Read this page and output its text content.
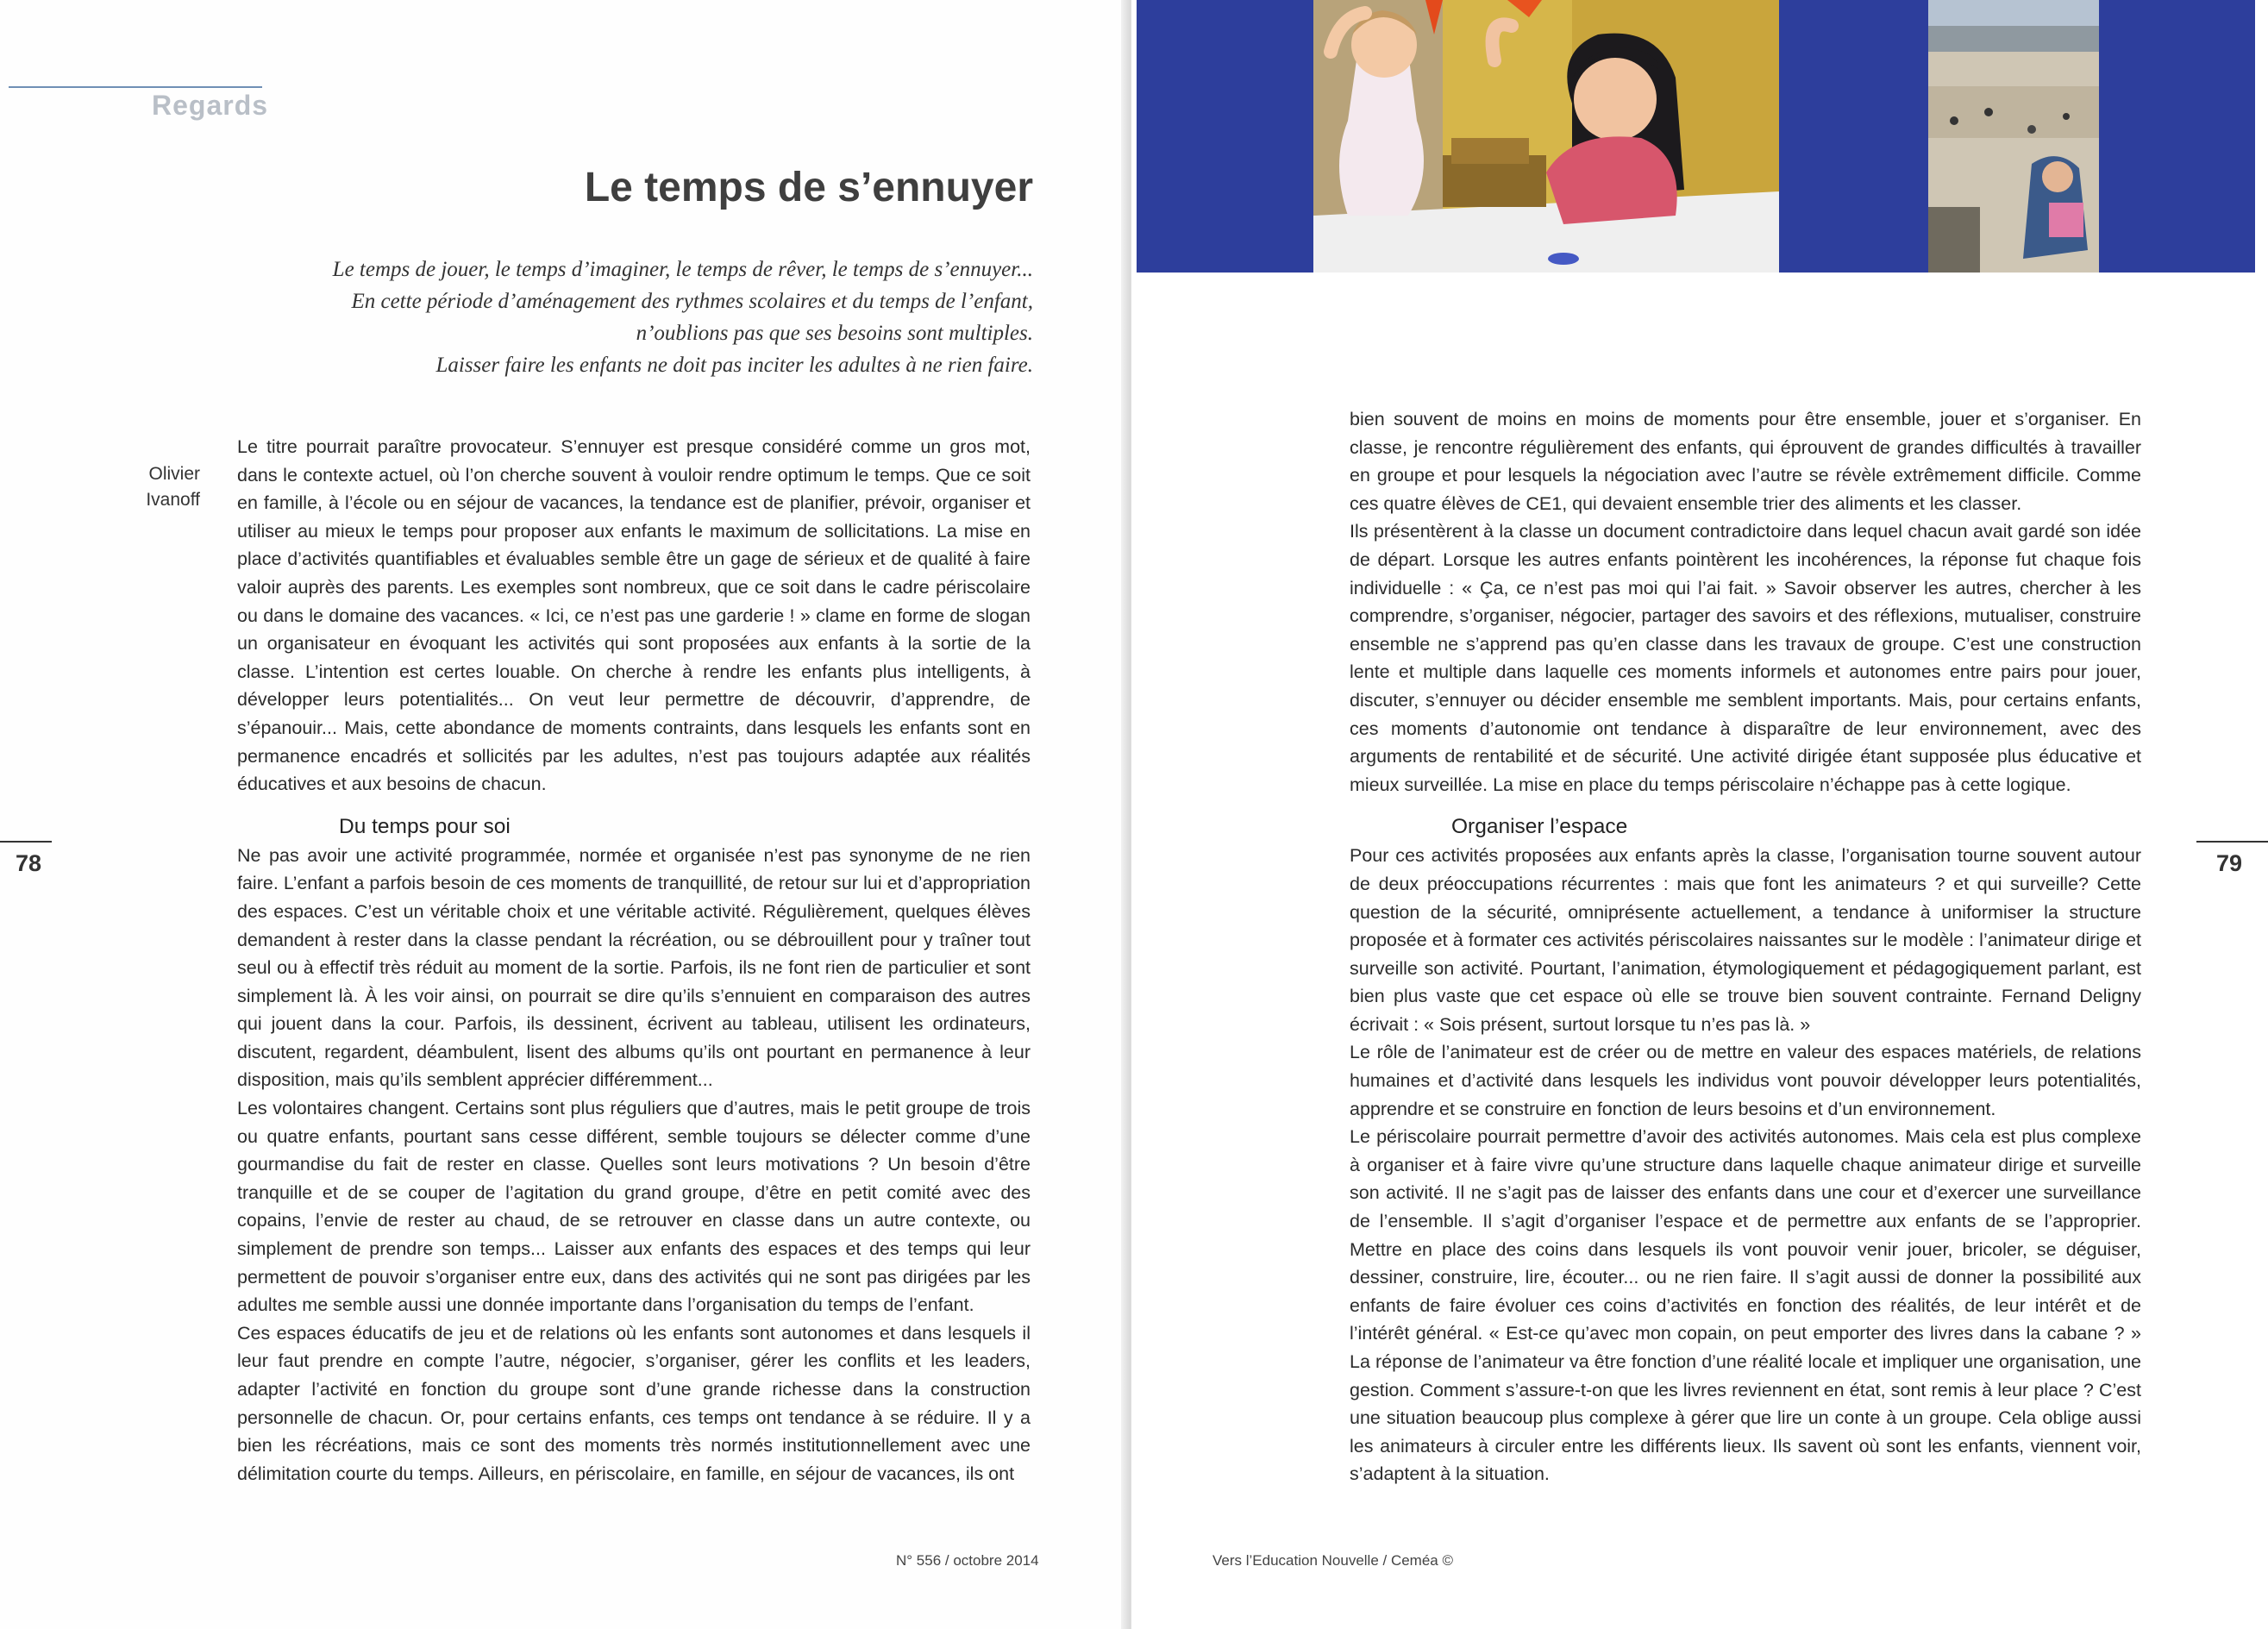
Regards
Le temps de s’ennuyer
Le temps de jouer, le temps d’imaginer, le temps de rêver, le temps de s’ennuyer...
En cette période d’aménagement des rythmes scolaires et du temps de l’enfant,
n’oublions pas que ses besoins sont multiples.
Laisser faire les enfants ne doit pas inciter les adultes à ne rien faire.
Olivier
Ivanoff

Le titre pourrait paraître provocateur. S’ennuyer est presque considéré comme un gros mot, dans le contexte actuel, où l’on cherche souvent à vouloir rendre optimum le temps. Que ce soit en famille, à l’école ou en séjour de vacances, la tendance est de planifier, prévoir, organiser et utiliser au mieux le temps pour proposer aux enfants le maximum de sollicitations. La mise en place d’activités quantifiables et évaluables semble être un gage de sérieux et de qualité à faire valoir auprès des parents. Les exemples sont nombreux, que ce soit dans le cadre périscolaire ou dans le domaine des vacances. « Ici, ce n’est pas une garderie ! » clame en forme de slogan un organisateur en évoquant les activités qui sont proposées aux enfants à la sortie de la classe. L’intention est certes louable. On cherche à rendre les enfants plus intelligents, à développer leurs potentialités... On veut leur permettre de découvrir, d’apprendre, de s’épanouir... Mais, cette abondance de moments contraints, dans lesquels les enfants sont en permanence encadrés et sollicités par les adultes, n’est pas toujours adaptée aux réalités éducatives et aux besoins de chacun.

Du temps pour soi

Ne pas avoir une activité programmée, normée et organisée n’est pas synonyme de ne rien faire. L’enfant a parfois besoin de ces moments de tranquillité, de retour sur lui et d’appropriation des espaces. C’est un véritable choix et une véritable activité. Régulièrement, quelques élèves demandent à rester dans la classe pendant la récréation, ou se débrouillent pour y traîner tout seul ou à effectif très réduit au moment de la sortie. Parfois, ils ne font rien de particulier et sont simplement là. À les voir ainsi, on pourrait se dire qu’ils s’ennuient en comparaison des autres qui jouent dans la cour. Parfois, ils dessinent, écrivent au tableau, utilisent les ordinateurs, discutent, regardent, déambulent, lisent des albums qu’ils ont pourtant en permanence à leur disposition, mais qu’ils semblent apprécier différemment...

Les volontaires changent. Certains sont plus réguliers que d’autres, mais le petit groupe de trois ou quatre enfants, pourtant sans cesse différent, semble toujours se délecter comme d’une gourmandise du fait de rester en classe. Quelles sont leurs motivations ? Un besoin d’être tranquille et de se couper de l’agitation du grand groupe, d’être en petit comité avec des copains, l’envie de rester au chaud, de se retrouver en classe dans un autre contexte, ou simplement de prendre son temps... Laisser aux enfants des espaces et des temps qui leur permettent de pouvoir s’organiser entre eux, dans des activités qui ne sont pas dirigées par les adultes me semble aussi une donnée importante dans l’organisation du temps de l’enfant.

Ces espaces éducatifs de jeu et de relations où les enfants sont autonomes et dans lesquels il leur faut prendre en compte l’autre, négocier, s’organiser, gérer les conflits et les leaders, adapter l’activité en fonction du groupe sont d’une grande richesse dans la construction personnelle de chacun. Or, pour certains enfants, ces temps ont tendance à se réduire. Il y a bien les récréations, mais ce sont des moments très normés institutionnellement avec une délimitation courte du temps. Ailleurs, en périscolaire, en famille, en séjour de vacances, ils ont

78
N° 556 / octobre 2014

bien souvent de moins en moins de moments pour être ensemble, jouer et s’organiser. En classe, je rencontre régulièrement des enfants, qui éprouvent de grandes difficultés à travailler en groupe et pour lesquels la négociation avec l’autre se révèle extrêmement difficile. Comme ces quatre élèves de CE1, qui devaient ensemble trier des aliments et les classer.

Ils présentèrent à la classe un document contradictoire dans lequel chacun avait gardé son idée de départ. Lorsque les autres enfants pointèrent les incohérences, la réponse fut chaque fois individuelle : « Ça, ce n’est pas moi qui l’ai fait. » Savoir observer les autres, chercher à les comprendre, s’organiser, négocier, partager des savoirs et des réflexions, mutualiser, construire ensemble ne s’apprend pas qu’en classe dans les travaux de groupe. C’est une construction lente et multiple dans laquelle ces moments informels et autonomes entre pairs pour jouer, discuter, s’ennuyer ou décider ensemble me semblent importants. Mais, pour certains enfants, ces moments d’autonomie ont tendance à disparaître de leur environnement, avec des arguments de rentabilité et de sécurité. Une activité dirigée étant supposée plus éducative et mieux surveillée. La mise en place du temps périscolaire n’échappe pas à cette logique.

Organiser l’espace

Pour ces activités proposées aux enfants après la classe, l’organisation tourne souvent autour de deux préoccupations récurrentes : mais que font les animateurs ? et qui surveille? Cette question de la sécurité, omniprésente actuellement, a tendance à uniformiser la structure proposée et à formater ces activités périscolaires naissantes sur le modèle : l’animateur dirige et surveille son activité. Pourtant, l’animation, étymologiquement et pédagogiquement parlant, est bien plus vaste que cet espace où elle se trouve bien souvent contrainte. Fernand Deligny écrivait : « Sois présent, surtout lorsque tu n’es pas là. »

Le rôle de l’animateur est de créer ou de mettre en valeur des espaces matériels, de relations humaines et d’activité dans lesquels les individus vont pouvoir développer leurs potentialités, apprendre et se construire en fonction de leurs besoins et d’un environnement.

Le périscolaire pourrait permettre d’avoir des activités autonomes. Mais cela est plus complexe à organiser et à faire vivre qu’une structure dans laquelle chaque animateur dirige et surveille son activité. Il ne s’agit pas de laisser des enfants dans une cour et d’exercer une surveillance de l’ensemble. Il s’agit d’organiser l’espace et de permettre aux enfants de se l’approprier. Mettre en place des coins dans lesquels ils vont pouvoir venir jouer, bricoler, se déguiser, dessiner, construire, lire, écouter... ou ne rien faire. Il s’agit aussi de donner la possibilité aux enfants de faire évoluer ces coins d’activités en fonction des réalités, de leur intérêt et de l’intérêt général. « Est-ce qu’avec mon copain, on peut emporter des livres dans la cabane ? » La réponse de l’animateur va être fonction d’une réalité locale et impliquer une organisation, une gestion. Comment s’assure-t-on que les livres reviennent en état, sont remis à leur place ? C’est une situation beaucoup plus complexe à gérer que lire un conte à un groupe. Cela oblige aussi les animateurs à circuler entre les différents lieux. Ils savent où sont les enfants, viennent voir, s’adaptent à la situation.

79
Vers l’Education Nouvelle / Ceméa ©
